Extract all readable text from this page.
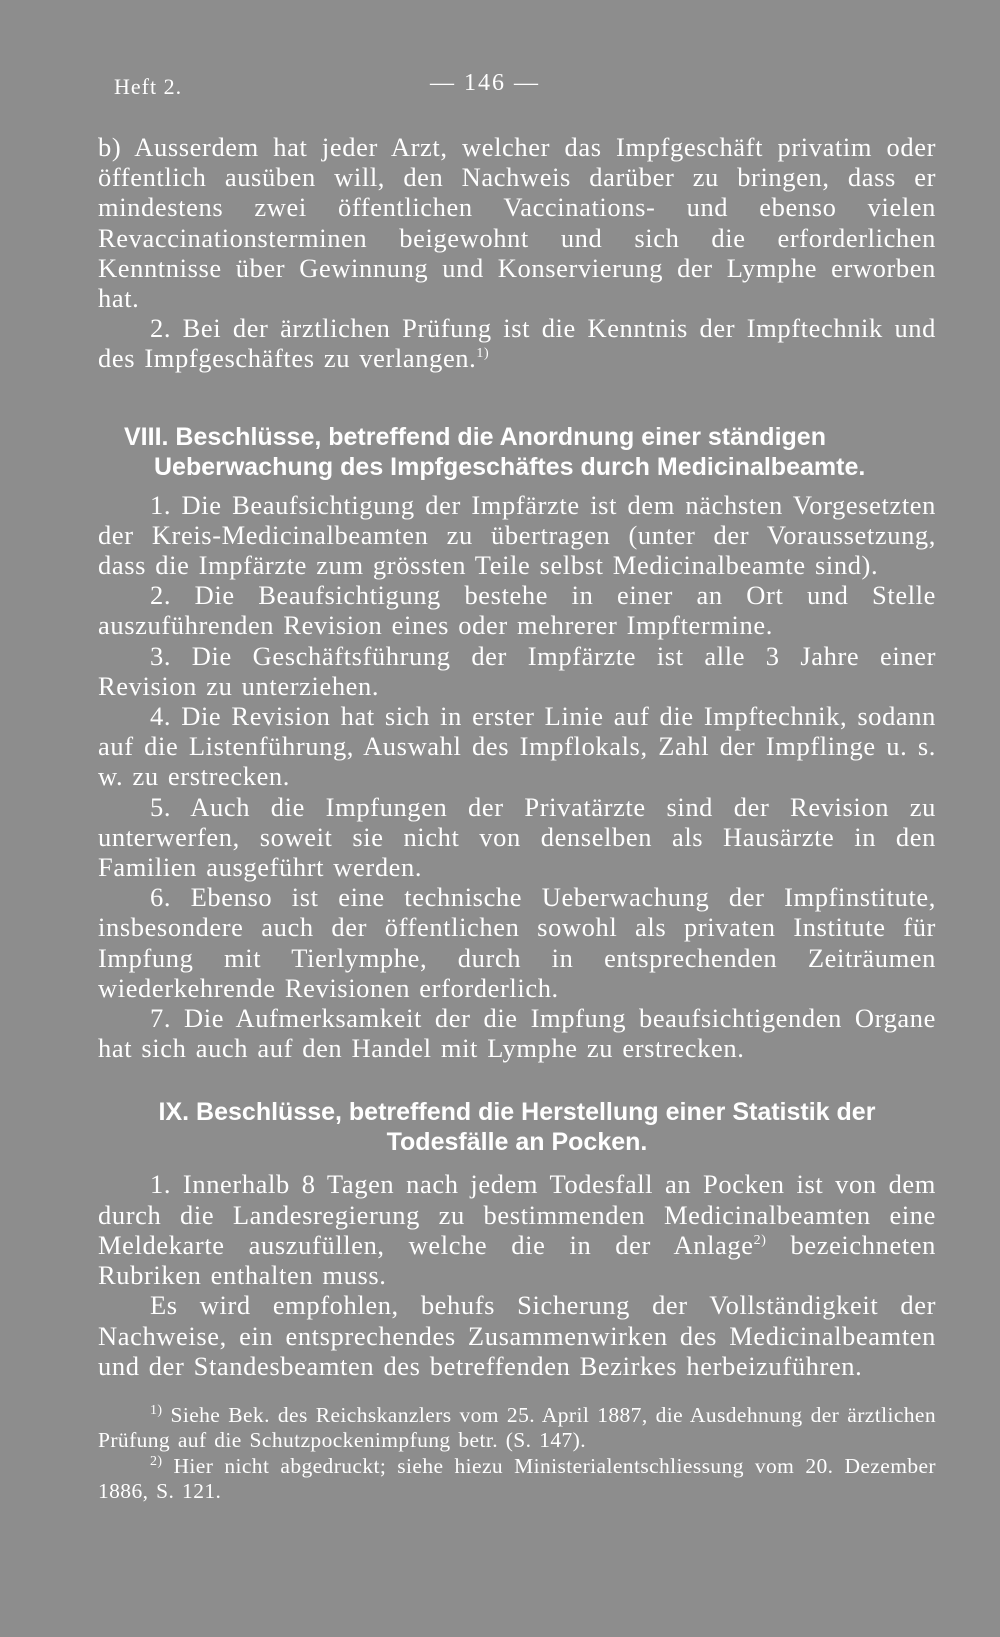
Heft 2.	— 146 —

b) Ausserdem hat jeder Arzt, welcher das Impfgeschäft privatim oder öffentlich ausüben will, den Nachweis darüber zu bringen, dass er mindestens zwei öffentlichen Vaccinations- und ebenso vielen Revaccinationsterminen beigewohnt und sich die erforderlichen Kenntnisse über Gewinnung und Konservierung der Lymphe erworben hat.

2. Bei der ärztlichen Prüfung ist die Kenntnis der Impftechnik und des Impfgeschäftes zu verlangen.$^{1)}$

VIII. Beschlüsse, betreffend die Anordnung einer ständigen
Ueberwachung des Impfgeschäftes durch Medicinalbeamte.

1. Die Beaufsichtigung der Impfärzte ist dem nächsten Vorgesetzten der Kreis-Medicinalbeamten zu übertragen (unter der Voraussetzung, dass die Impfärzte zum grössten Teile selbst Medicinalbeamte sind).

2. Die Beaufsichtigung bestehe in einer an Ort und Stelle auszuführenden Revision eines oder mehrerer Impftermine.

3. Die Geschäftsführung der Impfärzte ist alle 3 Jahre einer Revision zu unterziehen.

4. Die Revision hat sich in erster Linie auf die Impftechnik, sodann auf die Listenführung, Auswahl des Impflokals, Zahl der Impflinge u. s. w. zu erstrecken.

5. Auch die Impfungen der Privatärzte sind der Revision zu unterwerfen, soweit sie nicht von denselben als Hausärzte in den Familien ausgeführt werden.

6. Ebenso ist eine technische Ueberwachung der Impfinstitute, insbesondere auch der öffentlichen sowohl als privaten Institute für Impfung mit Tierlymphe, durch in entsprechenden Zeiträumen wiederkehrende Revisionen erforderlich.

7. Die Aufmerksamkeit der die Impfung beaufsichtigenden Organe hat sich auch auf den Handel mit Lymphe zu erstrecken.

IX. Beschlüsse, betreffend die Herstellung einer Statistik der
Todesfälle an Pocken.

1. Innerhalb 8 Tagen nach jedem Todesfall an Pocken ist von dem durch die Landesregierung zu bestimmenden Medicinalbeamten eine Meldekarte auszufüllen, welche die in der Anlage$^{2)}$ bezeichneten Rubriken enthalten muss.

Es wird empfohlen, behufs Sicherung der Vollständigkeit der Nachweise, ein entsprechendes Zusammenwirken des Medicinalbeamten und der Standesbeamten des betreffenden Bezirkes herbeizuführen.

$^{1)}$ Siehe Bek. des Reichskanzlers vom 25. April 1887, die Ausdehnung der ärztlichen Prüfung auf die Schutzpockenimpfung betr. (S. 147).

$^{2)}$ Hier nicht abgedruckt; siehe hiezu Ministerialentschliessung vom 20. Dezember 1886, S. 121.
